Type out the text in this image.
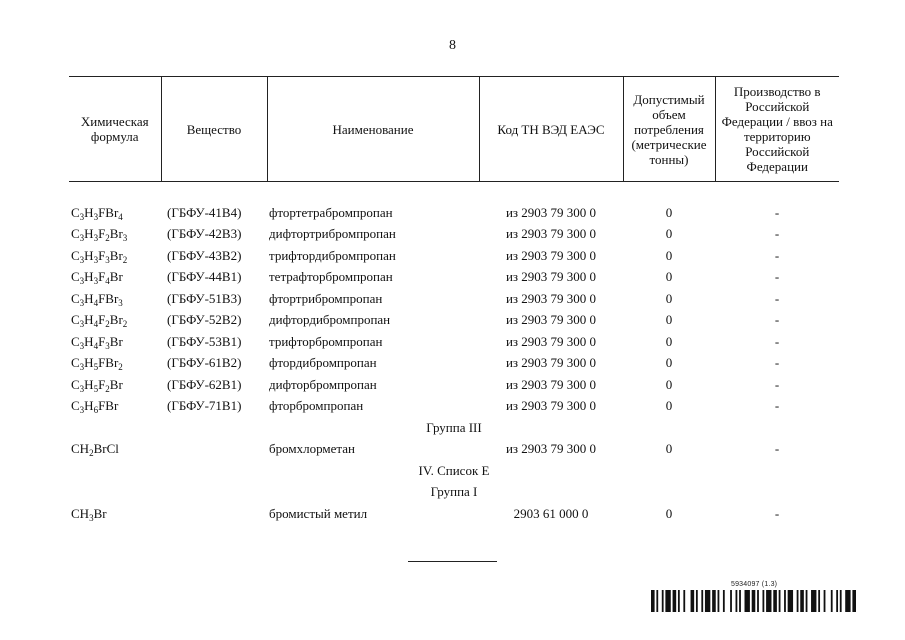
8
Химическая формула	Вещество	Наименование	Код ТН ВЭД ЕАЭС	Допустимый объем потребления (метрические тонны)	Производство в Российской Федерации / ввоз на территорию Российской Федерации

$C_3H_3FBr_4$	(ГБФУ-41B4)	фтортетрабромпропан	из 2903 79 300 0	0	-
$C_3H_3F_2Br_3$	(ГБФУ-42B3)	дифтортрибромпропан	из 2903 79 300 0	0	-
$C_3H_3F_3Br_2$	(ГБФУ-43B2)	трифтордибромпропан	из 2903 79 300 0	0	-
$C_3H_3F_4Br$	(ГБФУ-44B1)	тетрафторбромпропан	из 2903 79 300 0	0	-
$C_3H_4FBr_3$	(ГБФУ-51B3)	фтортрибромпропан	из 2903 79 300 0	0	-
$C_3H_4F_2Br_2$	(ГБФУ-52B2)	дифтордибромпропан	из 2903 79 300 0	0	-
$C_3H_4F_3Br$	(ГБФУ-53B1)	трифторбромпропан	из 2903 79 300 0	0	-
$C_3H_5FBr_2$	(ГБФУ-61B2)	фтордибромпропан	из 2903 79 300 0	0	-
$C_3H_5F_2Br$	(ГБФУ-62B1)	дифторбромпропан	из 2903 79 300 0	0	-
$C_3H_6FBr$	(ГБФУ-71B1)	фторбромпропан	из 2903 79 300 0	0	-
Группа III					
$CH_2BrCl$		бромхлорметан	из 2903 79 300 0	0	-
IV. Список Е					
Группа I					
$CH_3Br$		бромистый метил	2903 61 000 0	0	-
5934097 (1.3)
